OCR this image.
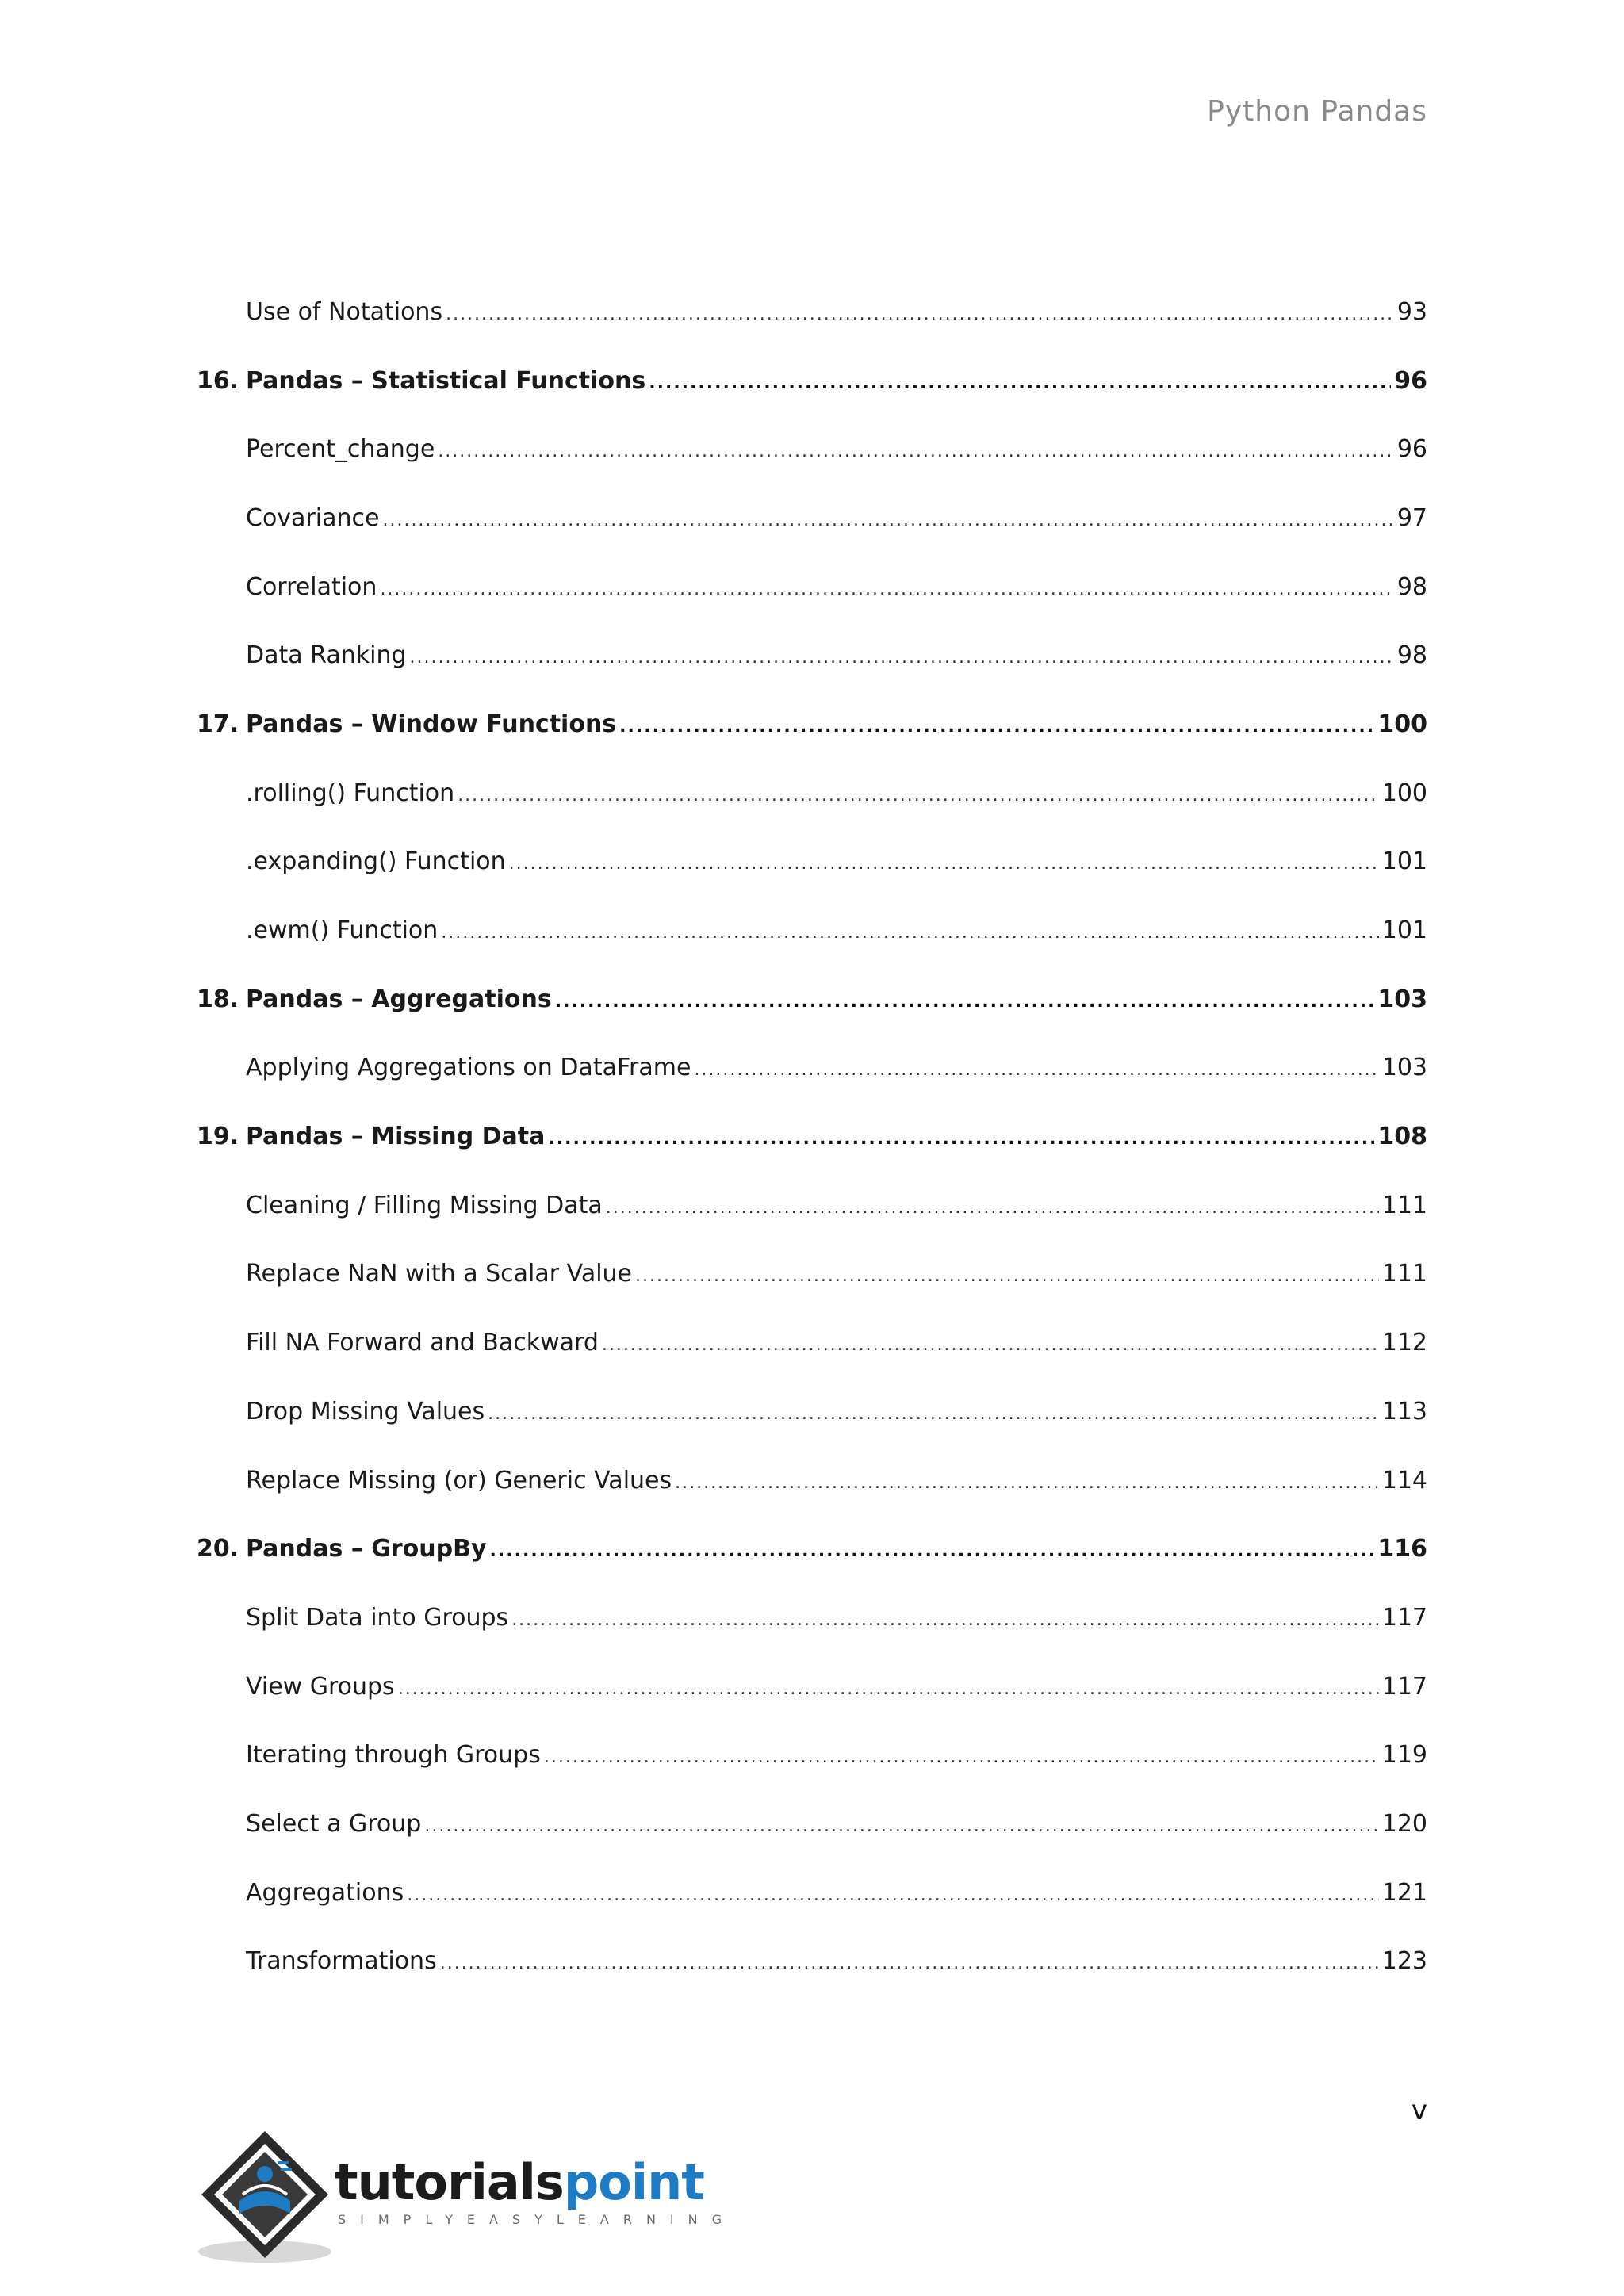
Python Pandas
Use of Notations .....	93
16. Pandas – Statistical Functions .....	96
Percent_change .....	96
Covariance .....	97
Correlation .....	98
Data Ranking .....	98
17. Pandas – Window Functions .....	100
.rolling() Function .....	100
.expanding() Function .....	101
.ewm() Function .....	101
18. Pandas – Aggregations .....	103
Applying Aggregations on DataFrame .....	103
19. Pandas – Missing Data .....	108
Cleaning / Filling Missing Data .....	111
Replace NaN with a Scalar Value .....	111
Fill NA Forward and Backward .....	112
Drop Missing Values .....	113
Replace Missing (or) Generic Values .....	114
20. Pandas – GroupBy .....	116
Split Data into Groups .....	117
View Groups .....	117
Iterating through Groups .....	119
Select a Group .....	120
Aggregations .....	121
Transformations .....	123
v
tutorialspoint
SIMPLYEASYLEARNING
